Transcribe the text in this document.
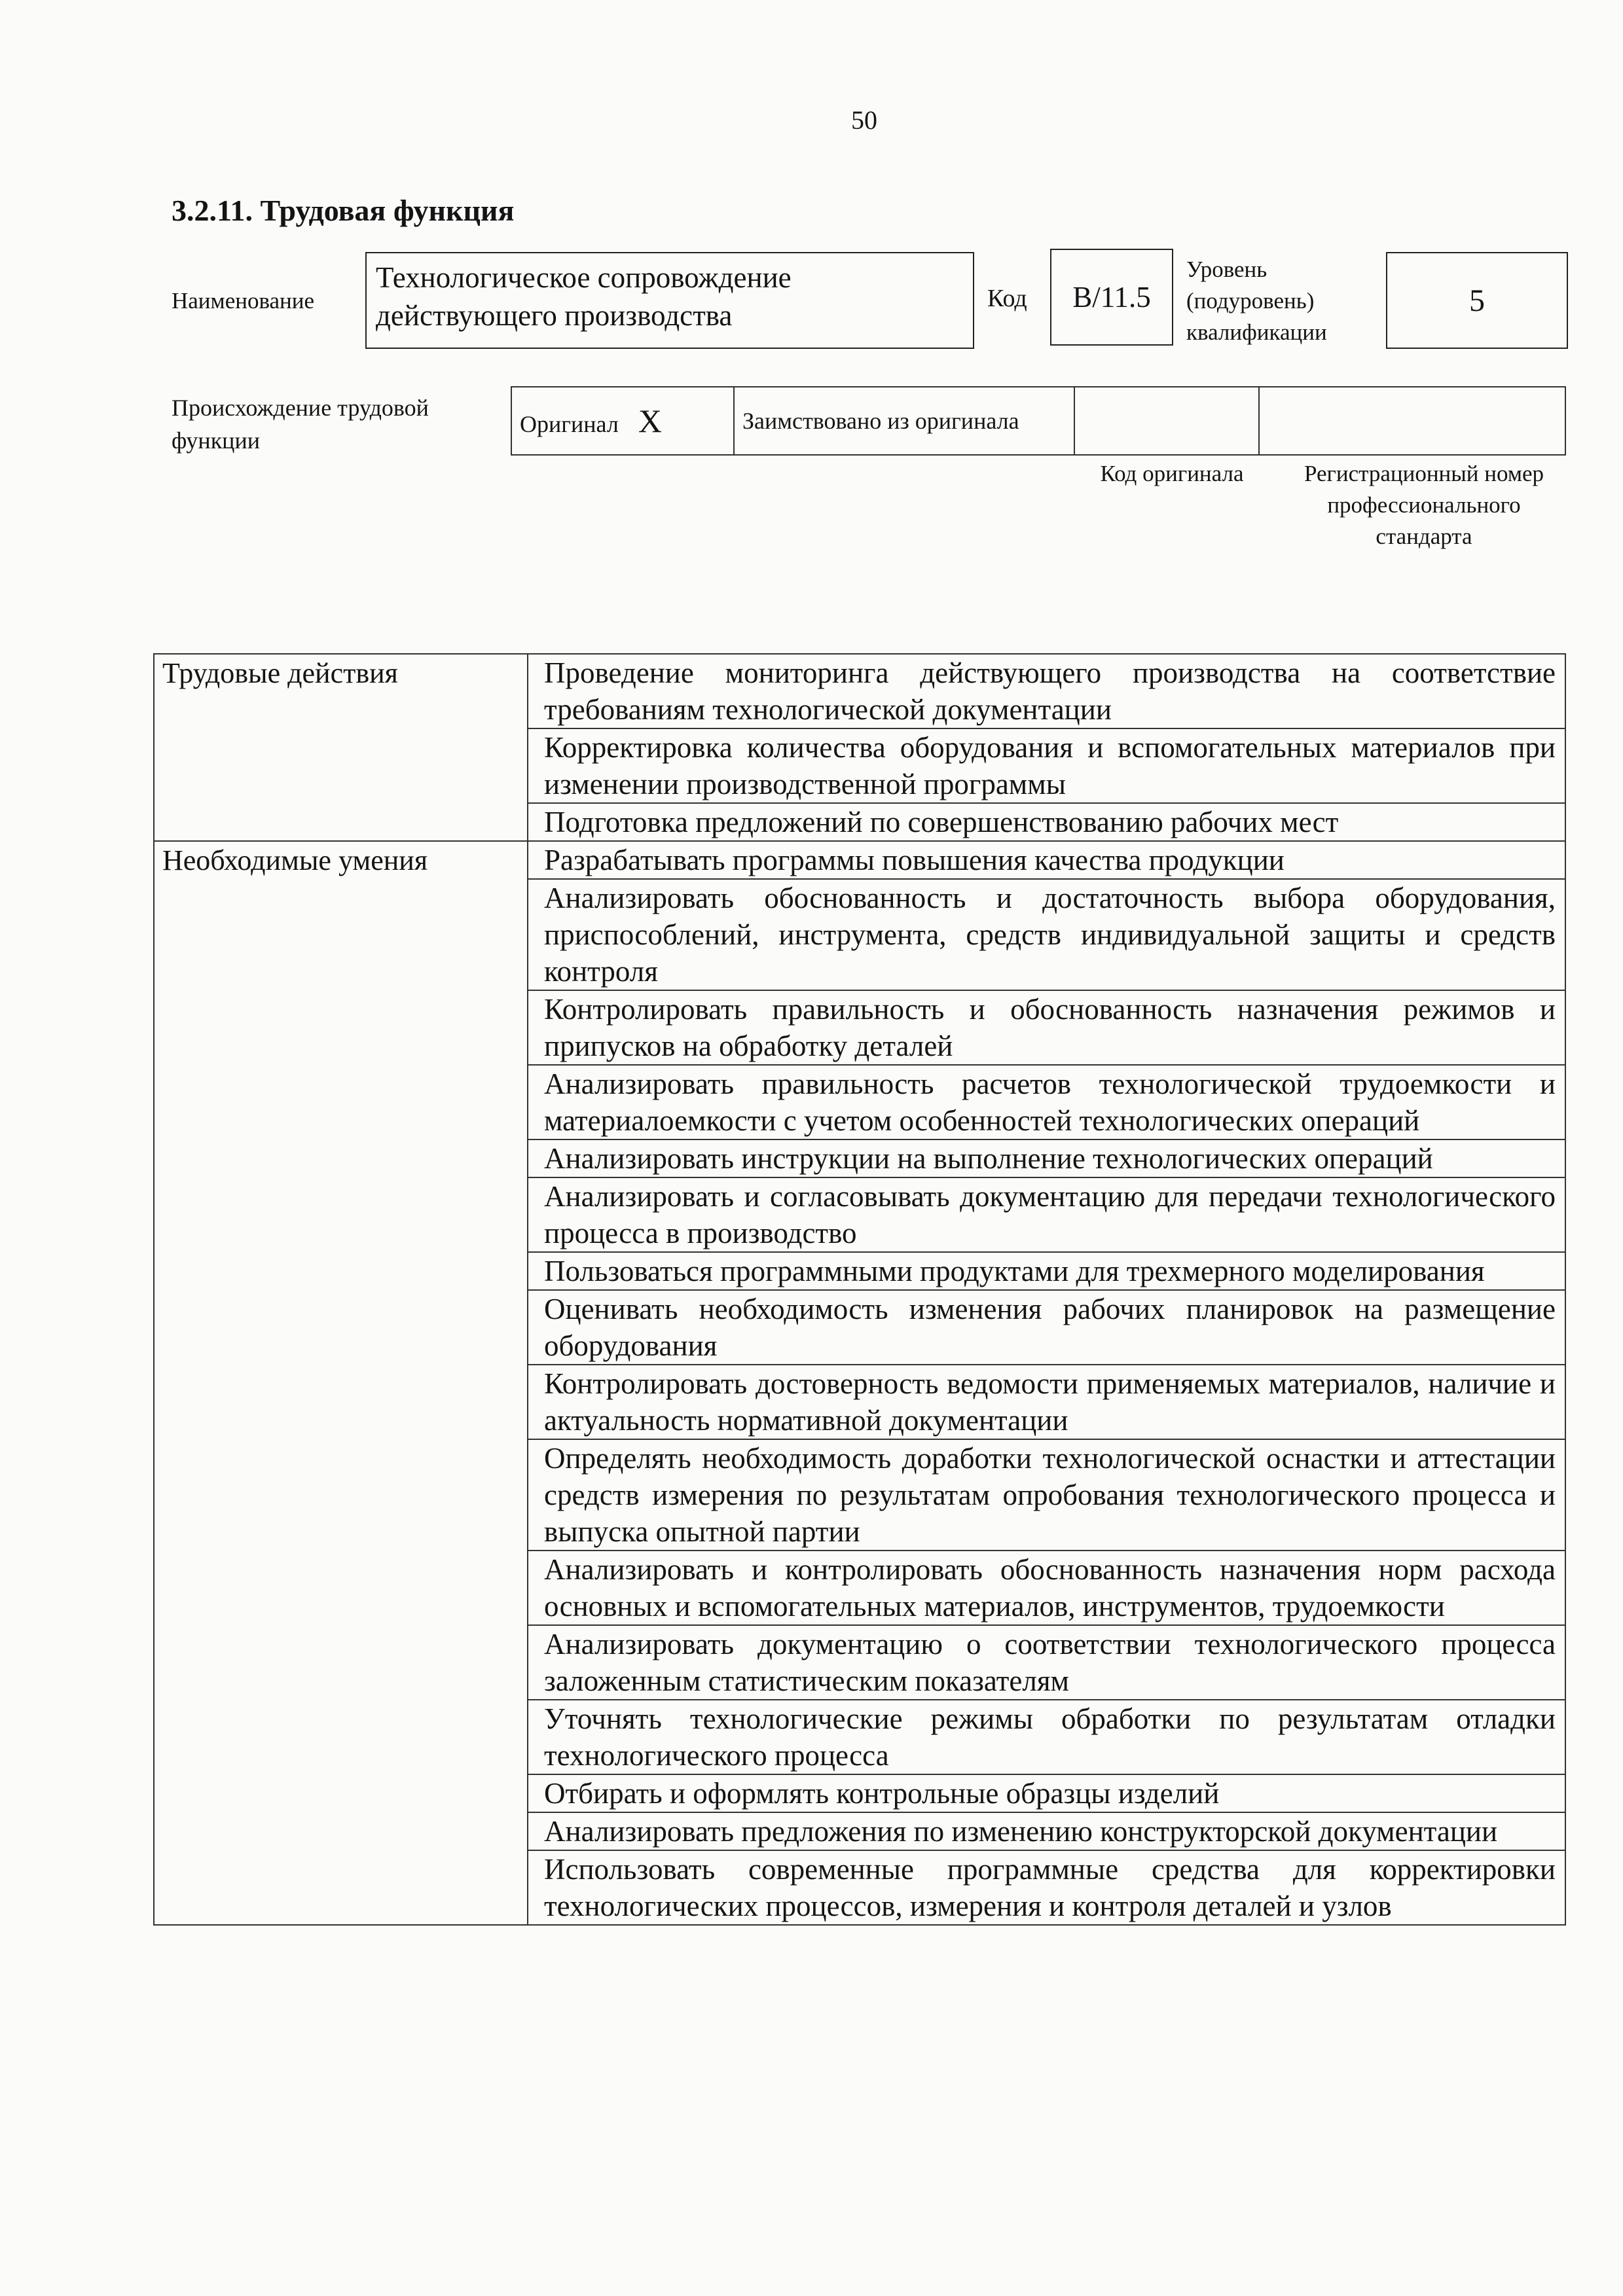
50
3.2.11. Трудовая функция
Наименование
Технологическое сопровождение действующего производства
Код B/11.5
Уровень (подуровень) квалификации
5
Происхождение трудовой функции
Оригинал X	Заимствовано из оригинала		
Код оригинала	Регистрационный номер профессионального стандарта
Трудовые действия	Проведение мониторинга действующего производства на соответствие требованиям технологической документации

	Корректировка количества оборудования и вспомогательных материалов при изменении производственной программы

	Подготовка предложений по совершенствованию рабочих мест

Необходимые умения	Разрабатывать программы повышения качества продукции

	Анализировать обоснованность и достаточность выбора оборудования, приспособлений, инструмента, средств индивидуальной защиты и средств контроля

	Контролировать правильность и обоснованность назначения режимов и припусков на обработку деталей

	Анализировать правильность расчетов технологической трудоемкости и материалоемкости с учетом особенностей технологических операций

	Анализировать инструкции на выполнение технологических операций

	Анализировать и согласовывать документацию для передачи технологического процесса в производство

	Пользоваться программными продуктами для трехмерного моделирования

	Оценивать необходимость изменения рабочих планировок на размещение оборудования

	Контролировать достоверность ведомости применяемых материалов, наличие и актуальность нормативной документации

	Определять необходимость доработки технологической оснастки и аттестации средств измерения по результатам опробования технологического процесса и выпуска опытной партии

	Анализировать и контролировать обоснованность назначения норм расхода основных и вспомогательных материалов, инструментов, трудоемкости

	Анализировать документацию о соответствии технологического процесса заложенным статистическим показателям

	Уточнять технологические режимы обработки по результатам отладки технологического процесса

	Отбирать и оформлять контрольные образцы изделий

	Анализировать предложения по изменению конструкторской документации

	Использовать современные программные средства для корректировки технологических процессов, измерения и контроля деталей и узлов
